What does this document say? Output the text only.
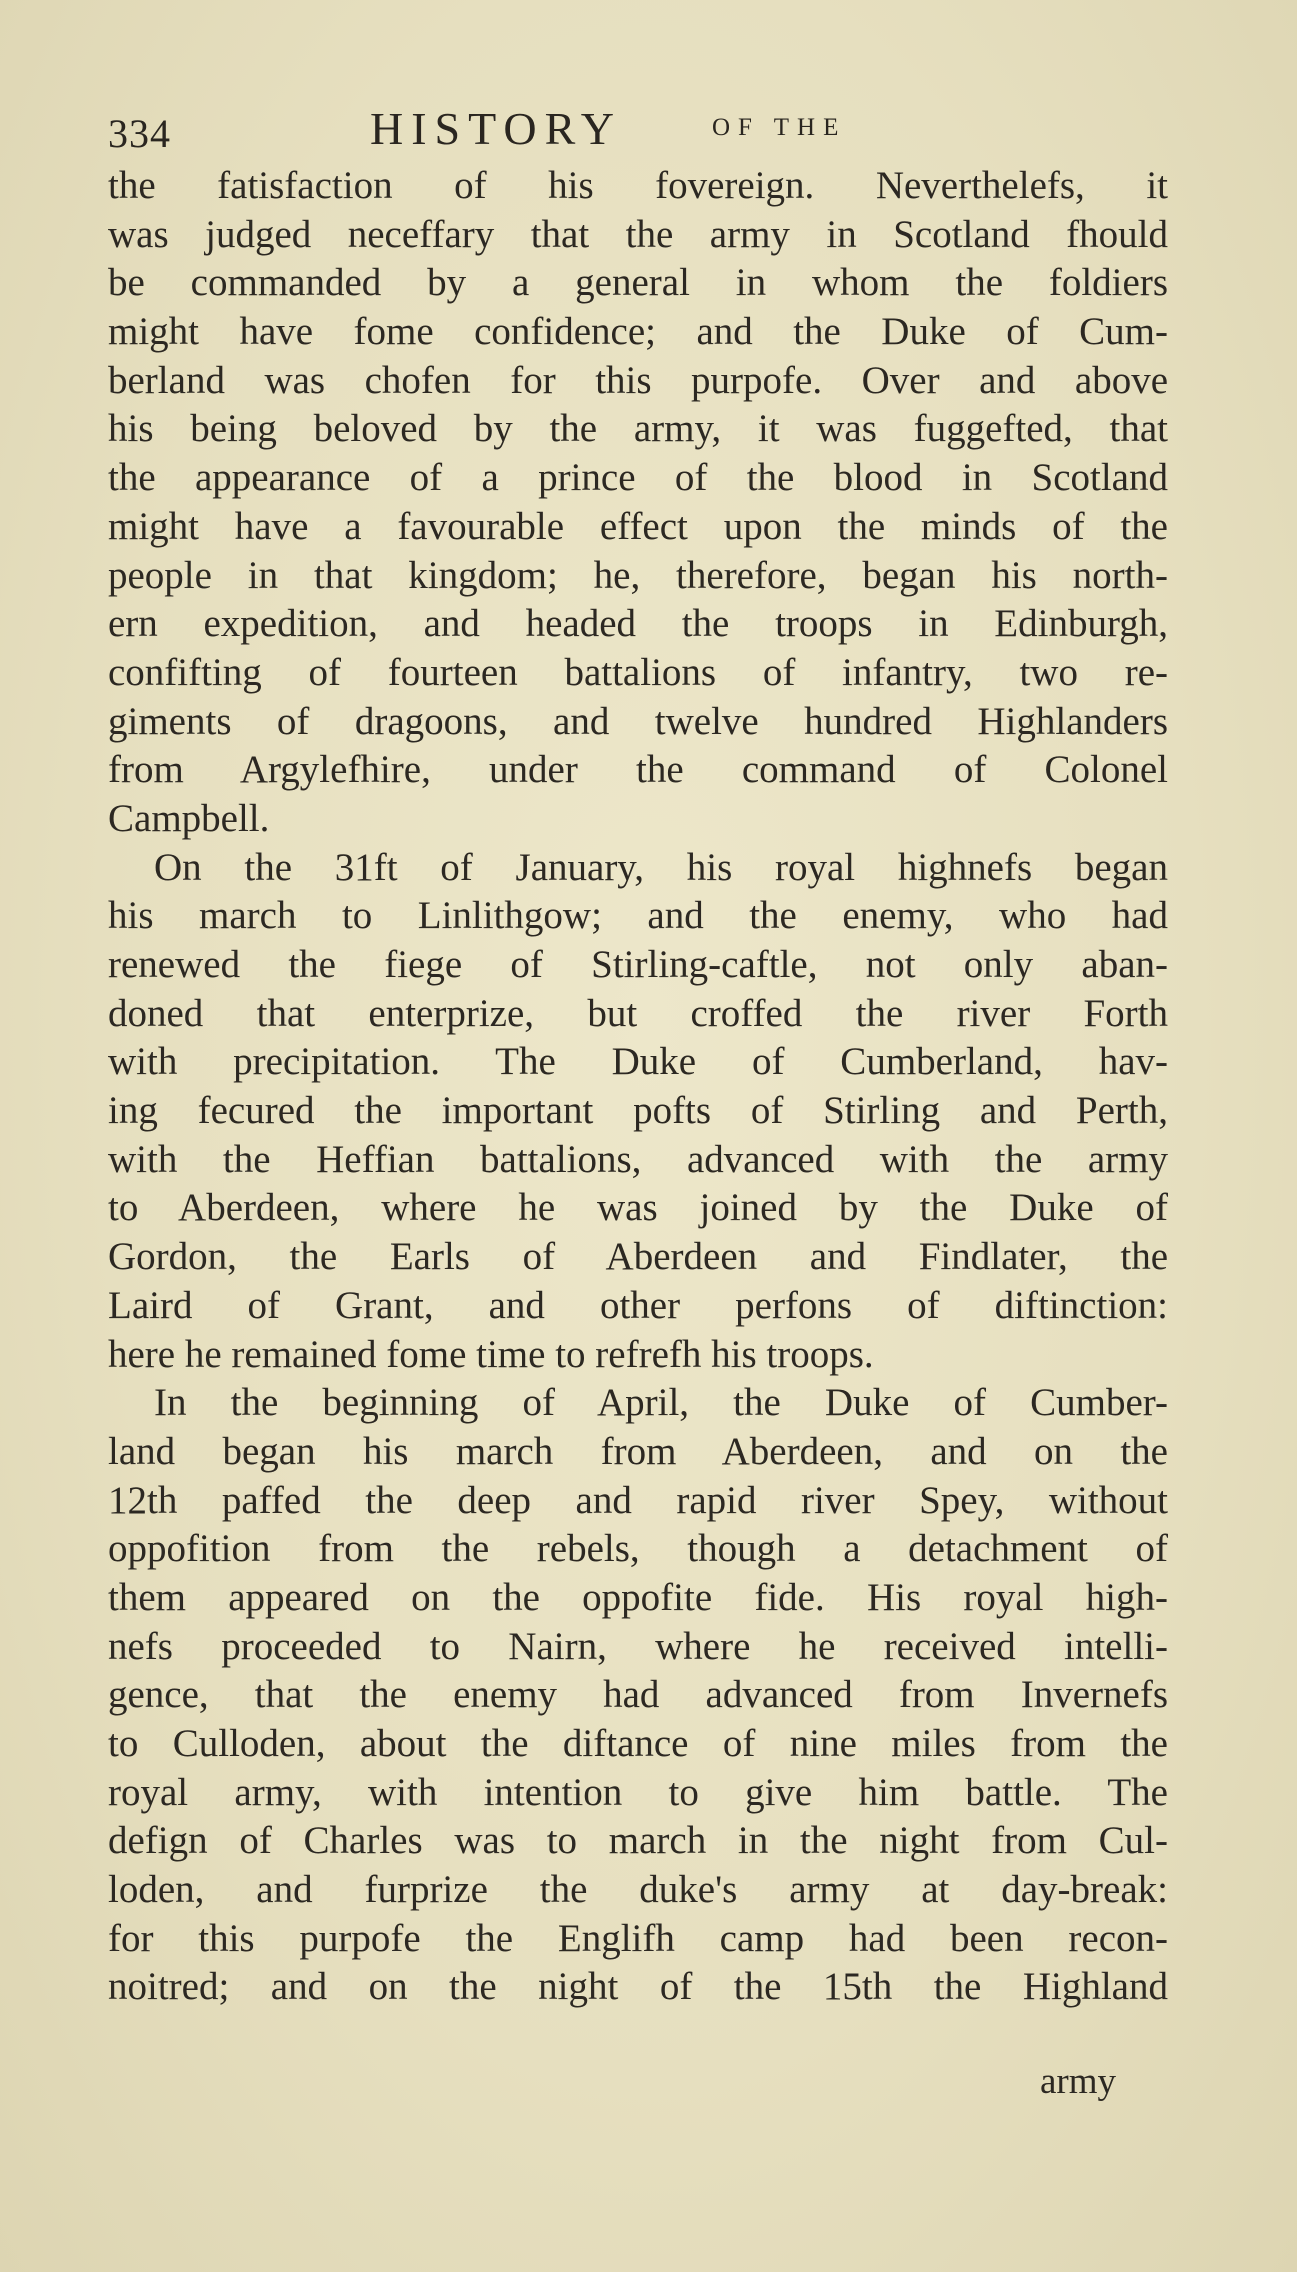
334	HISTORY	OF THE
the fatisfaction of his fovereign. Neverthelefs, it
was judged neceffary that the army in Scotland fhould
be commanded by a general in whom the foldiers
might have fome confidence; and the Duke of Cum-
berland was chofen for this purpofe. Over and above
his being beloved by the army, it was fuggefted, that
the appearance of a prince of the blood in Scotland
might have a favourable effect upon the minds of the
people in that kingdom; he, therefore, began his north-
ern expedition, and headed the troops in Edinburgh,
confifting of fourteen battalions of infantry, two re-
giments of dragoons, and twelve hundred Highlanders
from Argylefhire, under the command of Colonel
Campbell.
On the 31ft of January, his royal highnefs began
his march to Linlithgow; and the enemy, who had
renewed the fiege of Stirling-caftle, not only aban-
doned that enterprize, but croffed the river Forth
with precipitation. The Duke of Cumberland, hav-
ing fecured the important pofts of Stirling and Perth,
with the Heffian battalions, advanced with the army
to Aberdeen, where he was joined by the Duke of
Gordon, the Earls of Aberdeen and Findlater, the
Laird of Grant, and other perfons of diftinction:
here he remained fome time to refrefh his troops.
In the beginning of April, the Duke of Cumber-
land began his march from Aberdeen, and on the
12th paffed the deep and rapid river Spey, without
oppofition from the rebels, though a detachment of
them appeared on the oppofite fide. His royal high-
nefs proceeded to Nairn, where he received intelli-
gence, that the enemy had advanced from Invernefs
to Culloden, about the diftance of nine miles from the
royal army, with intention to give him battle. The
defign of Charles was to march in the night from Cul-
loden, and furprize the duke's army at day-break:
for this purpofe the Englifh camp had been recon-
noitred; and on the night of the 15th the Highland
army
